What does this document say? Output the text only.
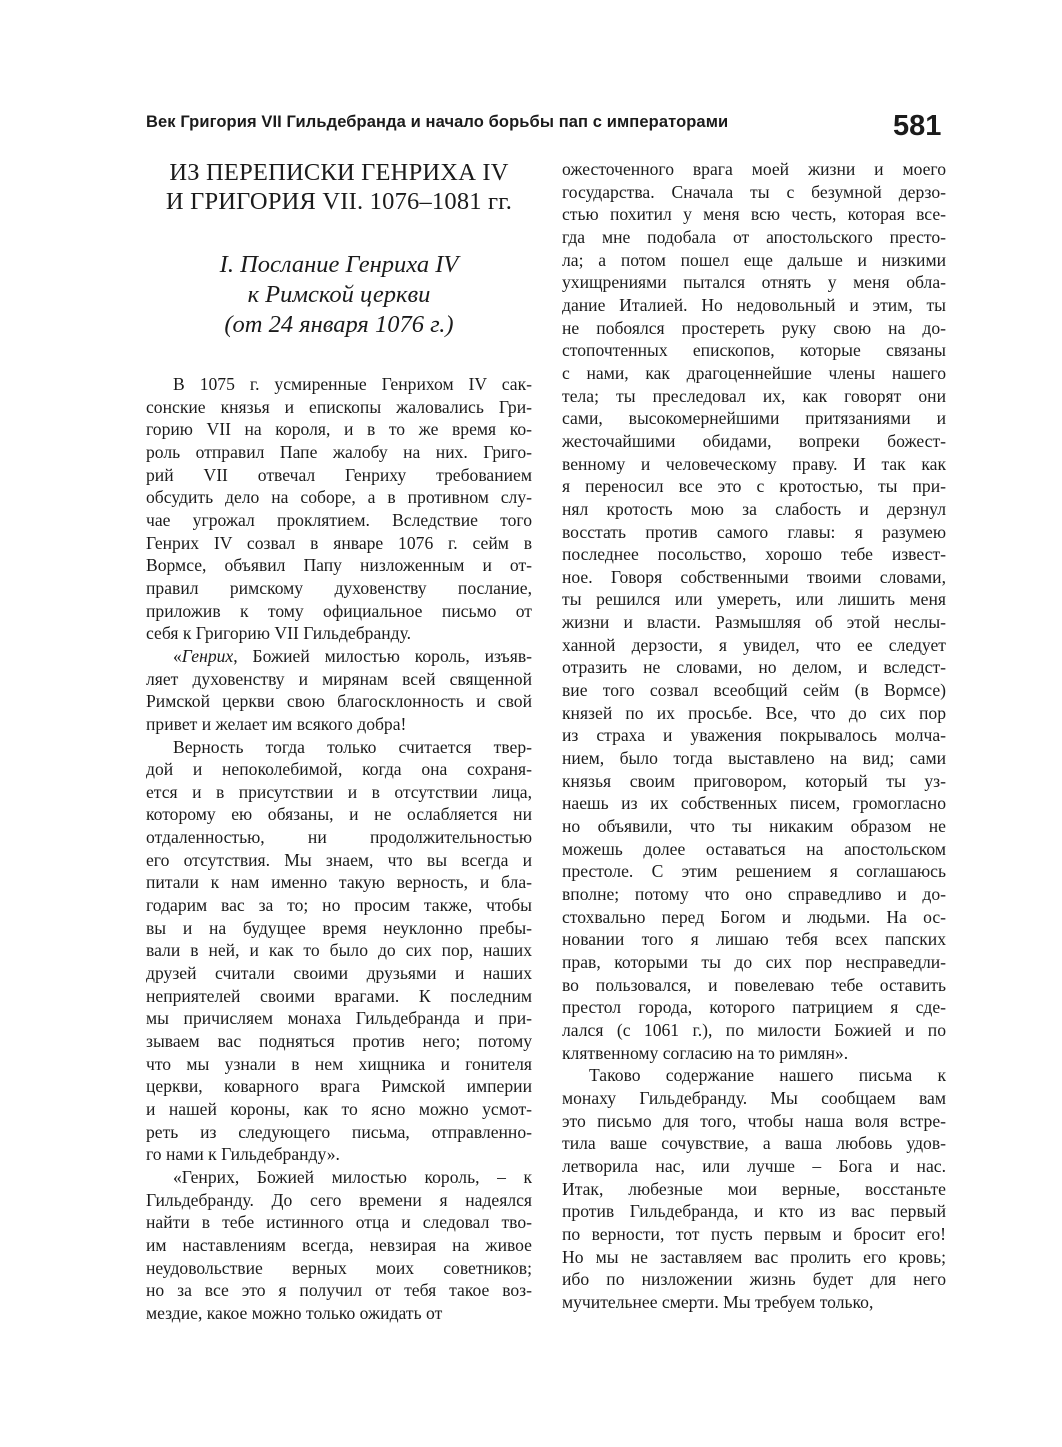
Век Григория VII Гильдебранда и начало борьбы пап с императорами	581
ИЗ ПЕРЕПИСКИ ГЕНРИХА IV
И ГРИГОРИЯ VII. 1076–1081 гг.
I. Послание Генриха IV
к Римской церкви
(от 24 января 1076 г.)
В 1075 г. усмиренные Генрихом IV сак-
сонские князья и епископы жаловались Гри-
горию VII на короля, и в то же время ко-
роль отправил Папе жалобу на них. Григо-
рий VII отвечал Генриху требованием
обсудить дело на соборе, а в противном слу-
чае угрожал проклятием. Вследствие того
Генрих IV созвал в январе 1076 г. сейм в
Вормсе, объявил Папу низложенным и от-
правил римскому духовенству послание,
приложив к тому официальное письмо от
себя к Григорию VII Гильдебранду.
«Генрих, Божией милостью король, изъяв-
ляет духовенству и мирянам всей священной
Римской церкви свою благосклонность и свой
привет и желает им всякого добра!
Верность тогда только считается твер-
дой и непоколебимой, когда она сохраня-
ется и в присутствии и в отсутствии лица,
которому ею обязаны, и не ослабляется ни
отдаленностью, ни продолжительностью
его отсутствия. Мы знаем, что вы всегда и
питали к нам именно такую верность, и бла-
годарим вас за то; но просим также, чтобы
вы и на будущее время неуклонно пребы-
вали в ней, и как то было до сих пор, наших
друзей считали своими друзьями и наших
неприятелей своими врагами. К последним
мы причисляем монаха Гильдебранда и при-
зываем вас подняться против него; потому
что мы узнали в нем хищника и гонителя
церкви, коварного врага Римской империи
и нашей короны, как то ясно можно усмот-
реть из следующего письма, отправленно-
го нами к Гильдебранду».
«Генрих, Божией милостью король, – к
Гильдебранду. До сего времени я надеялся
найти в тебе истинного отца и следовал тво-
им наставлениям всегда, невзирая на живое
неудовольствие верных моих советников;
но за все это я получил от тебя такое воз-
мездие, какое можно только ожидать от
ожесточенного врага моей жизни и моего
государства. Сначала ты с безумной дерзо-
стью похитил у меня всю честь, которая все-
гда мне подобала от апостольского престо-
ла; а потом пошел еще дальше и низкими
ухищрениями пытался отнять у меня обла-
дание Италией. Но недовольный и этим, ты
не побоялся простереть руку свою на до-
стопочтенных епископов, которые связаны
с нами, как драгоценнейшие члены нашего
тела; ты преследовал их, как говорят они
сами, высокомернейшими притязаниями и
жесточайшими обидами, вопреки божест-
венному и человеческому праву. И так как
я переносил все это с кротостью, ты при-
нял кротость мою за слабость и дерзнул
восстать против самого главы: я разумею
последнее посольство, хорошо тебе извест-
ное. Говоря собственными твоими словами,
ты решился или умереть, или лишить меня
жизни и власти. Размышляя об этой неслы-
ханной дерзости, я увидел, что ее следует
отразить не словами, но делом, и вследст-
вие того созвал всеобщий сейм (в Вормсе)
князей по их просьбе. Все, что до сих пор
из страха и уважения покрывалось молча-
нием, было тогда выставлено на вид; сами
князья своим приговором, который ты уз-
наешь из их собственных писем, громогласно
но объявили, что ты никаким образом не
можешь долее оставаться на апостольском
престоле. С этим решением я соглашаюсь
вполне; потому что оно справедливо и до-
стохвально перед Богом и людьми. На ос-
новании того я лишаю тебя всех папских
прав, которыми ты до сих пор несправедли-
во пользовался, и повелеваю тебе оставить
престол города, которого патрицием я сде-
лался (с 1061 г.), по милости Божией и по
клятвенному согласию на то римлян».
Таково содержание нашего письма к
монаху Гильдебранду. Мы сообщаем вам
это письмо для того, чтобы наша воля встре-
тила ваше сочувствие, а ваша любовь удов-
летворила нас, или лучше – Бога и нас.
Итак, любезные мои верные, восстаньте
против Гильдебранда, и кто из вас первый
по верности, тот пусть первым и бросит его!
Но мы не заставляем вас пролить его кровь;
ибо по низложении жизнь будет для него
мучительнее смерти. Мы требуем только,
